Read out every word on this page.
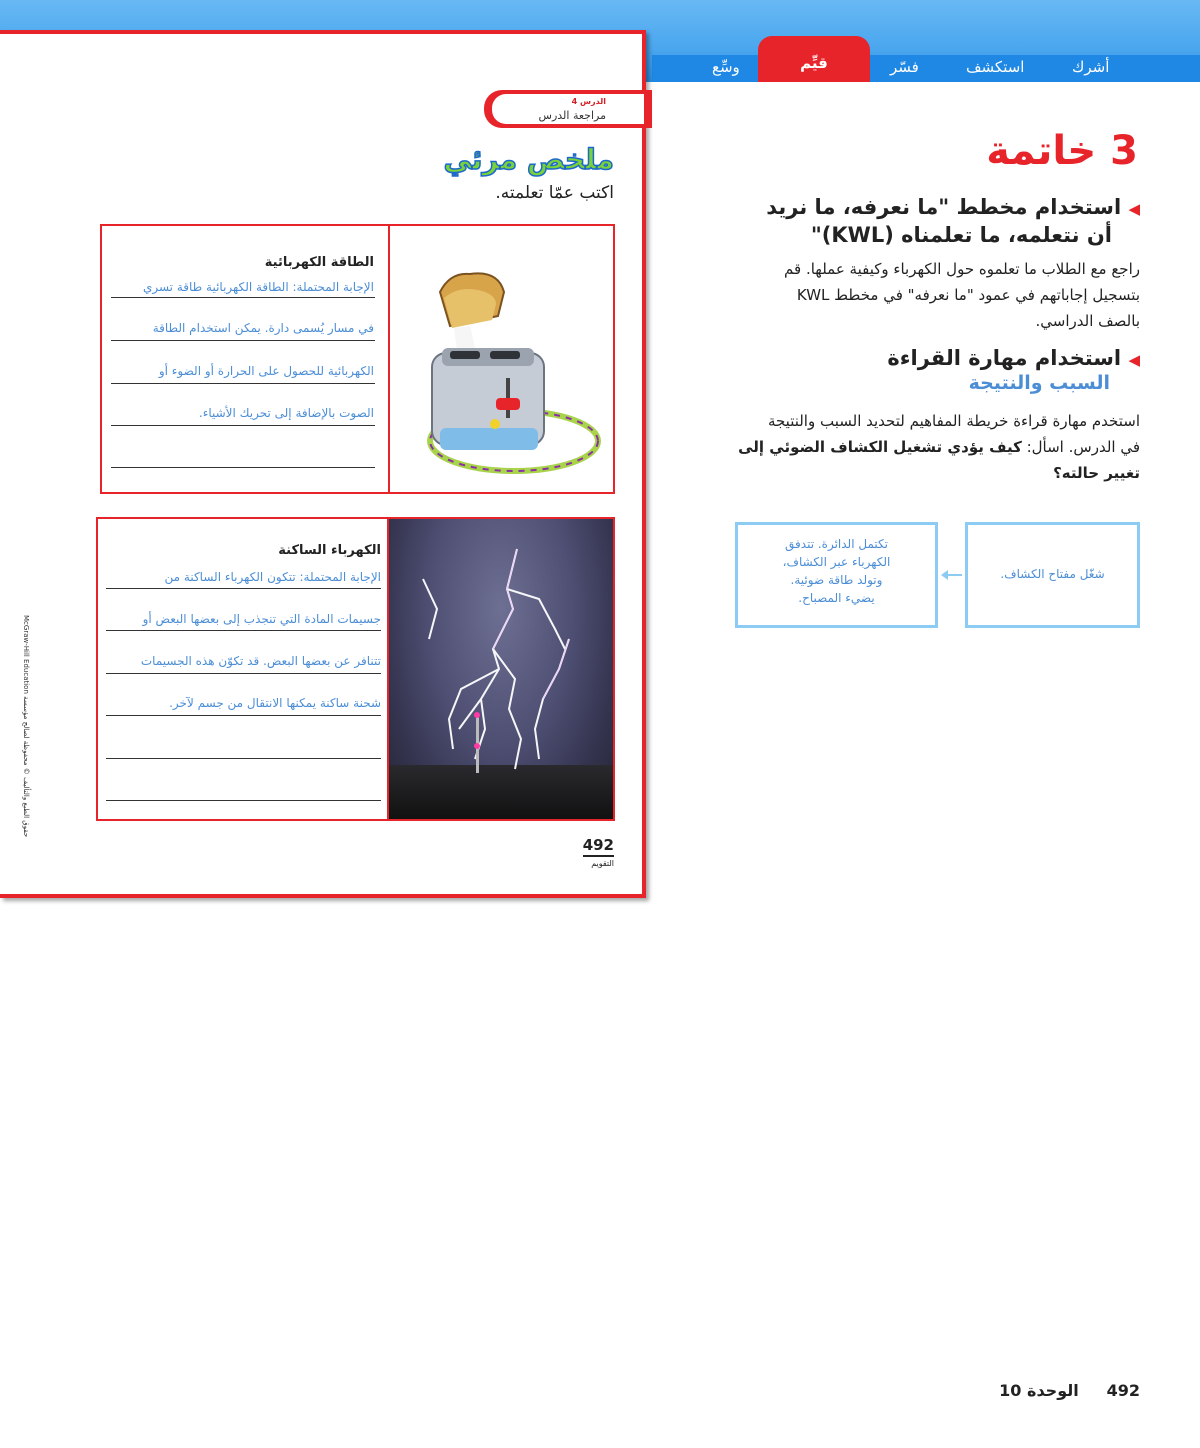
أشرك
استكشف
فسّر
قيِّم
وسِّع
الدرس 4
مراجعة الدرس
ملخص مرئي
اكتب عمّا تعلمته.
الطاقة الكهربائية
الإجابة المحتملة: الطاقة الكهربائية طاقة تسري
في مسار يُسمى دارة. يمكن استخدام الطاقة
الكهربائية للحصول على الحرارة أو الضوء أو
الصوت بالإضافة إلى تحريك الأشياء.
الكهرباء الساكنة
الإجابة المحتملة: تتكون الكهرباء الساكنة من
جسيمات المادة التي تنجذب إلى بعضها البعض أو
تتنافر عن بعضها البعض. قد تكوّن هذه الجسيمات
شحنة ساكنة يمكنها الانتقال من جسم لآخر.
492
التقويم
McGraw-Hill Education حقوق الطبع والتأليف © محفوظة لصالح مؤسسة
3 خاتمة
◀ استخدام مخطط "ما نعرفه، ما نريد
أن نتعلمه، ما تعلمناه (KWL)"
راجع مع الطلاب ما تعلموه حول الكهرباء وكيفية عملها. قم
بتسجيل إجاباتهم في عمود "ما نعرفه" في مخطط KWL
بالصف الدراسي.
◀ استخدام مهارة القراءة
السبب والنتيجة
استخدم مهارة قراءة خريطة المفاهيم لتحديد السبب والنتيجة
في الدرس. اسأل: كيف يؤدي تشغيل الكشاف الضوئي إلى
تغيير حالته؟
شغّل مفتاح الكشاف.
تكتمل الدائرة. تتدفق
الكهرباء عبر الكشاف،
وتولد طاقة ضوئية.
يضيء المصباح.
492     الوحدة 10
